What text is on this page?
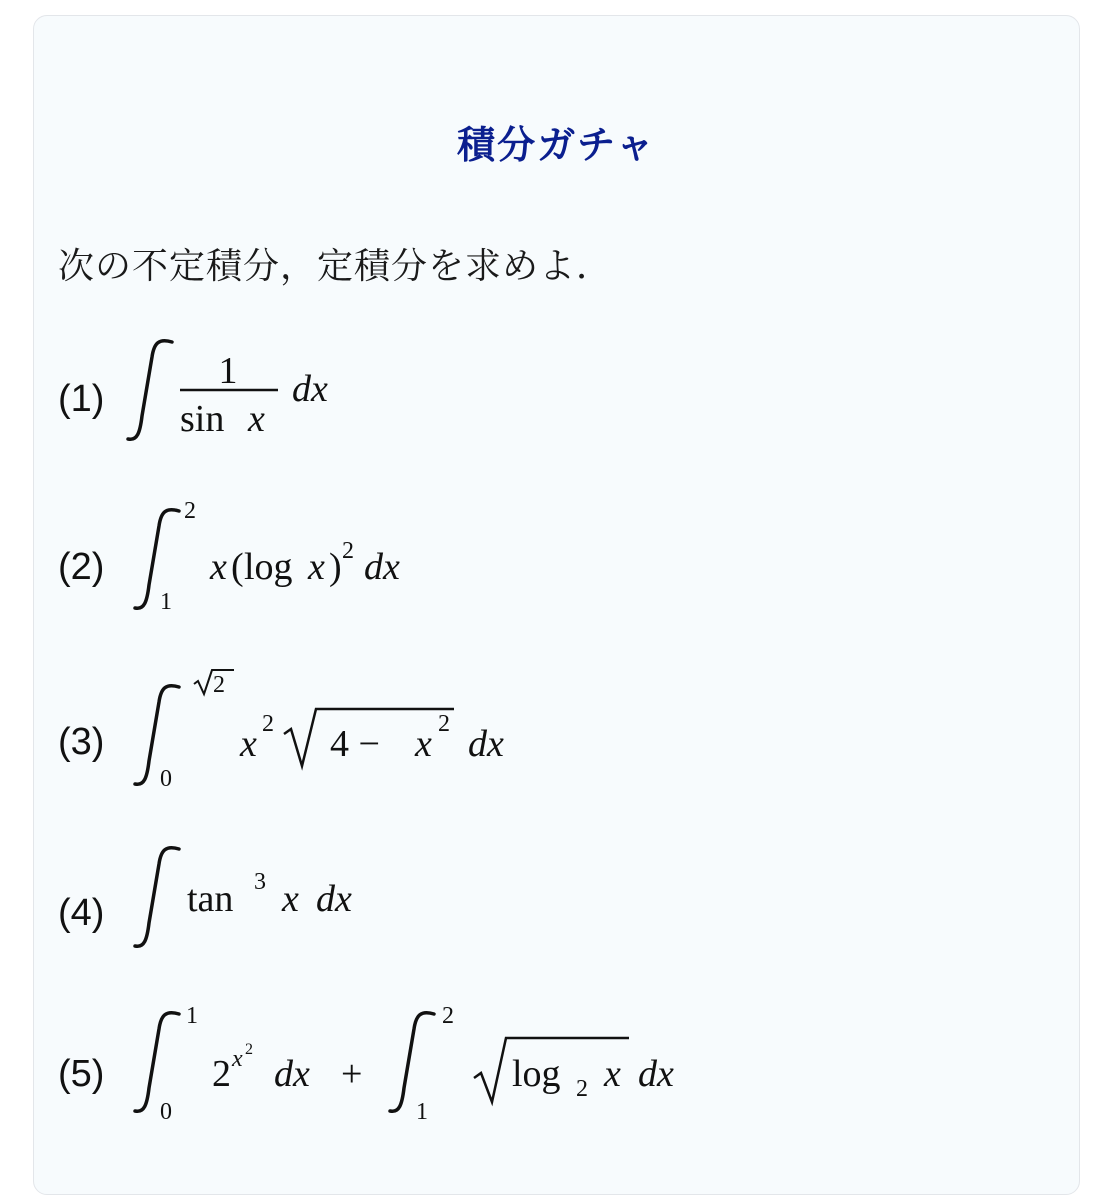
積分ガチャ
次の不定積分，定積分を求めよ．
(1)
(2)
(3)
(4)
(5)
1
sin x
dx
2
1
x ( log x ) 2 dx
2
0
x 2 4 − x 2 dx
tan 3 x dx
1
0
2 x 2
dx +
2
1
log 2 x dx
